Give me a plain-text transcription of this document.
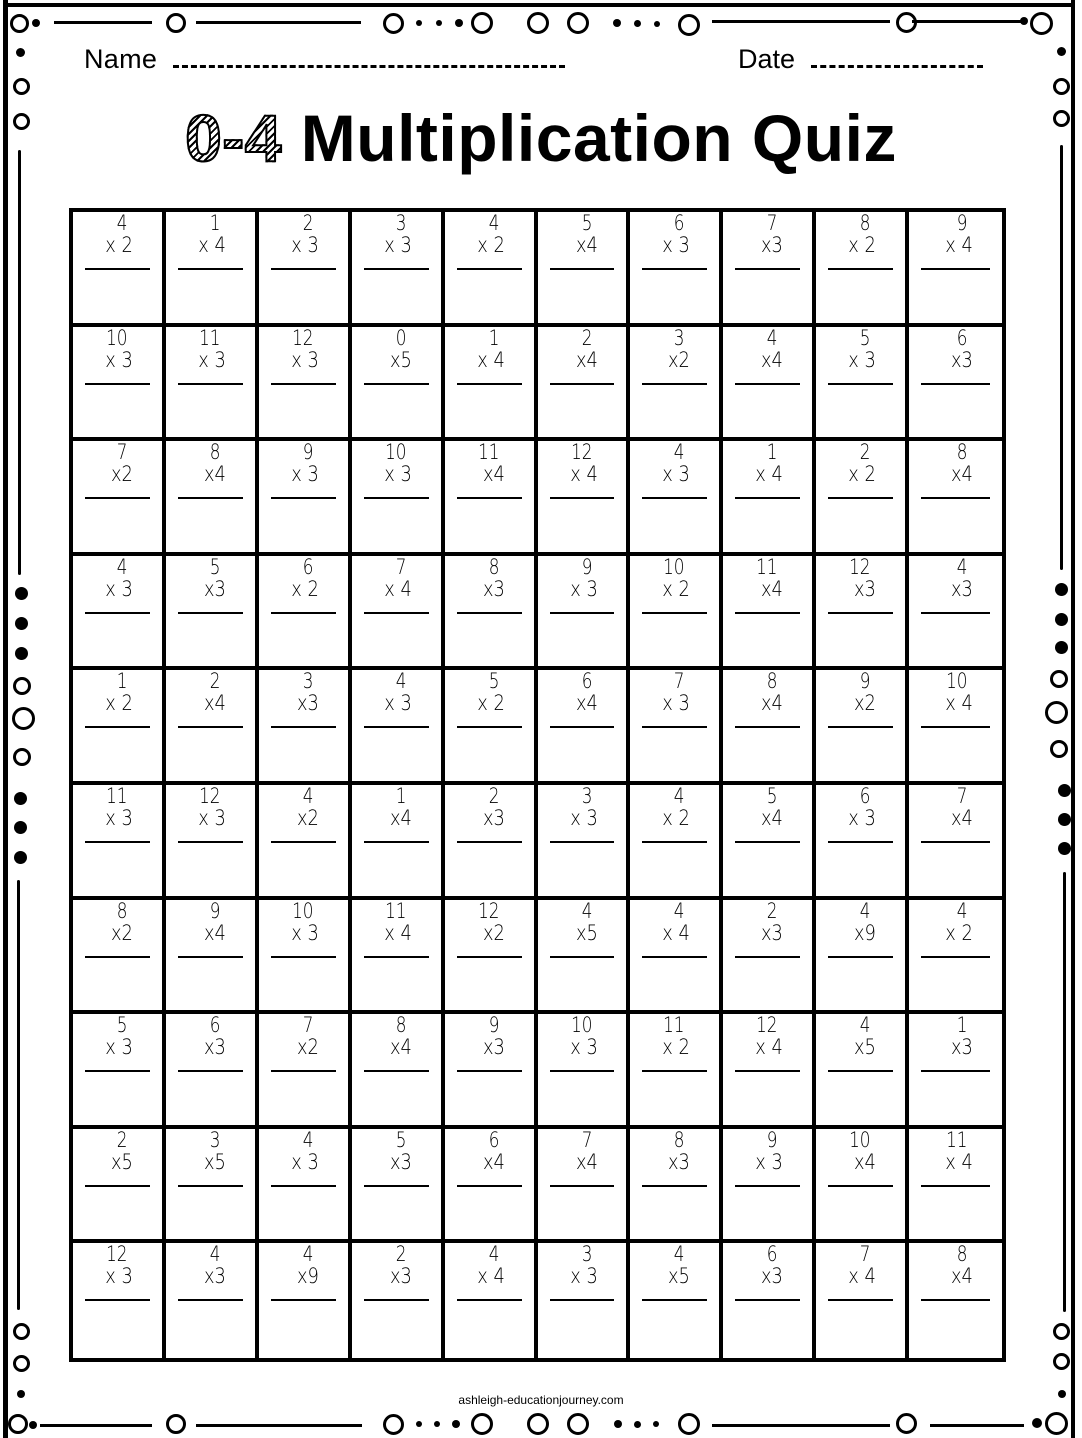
Name	Date
0-4 Multiplication Quiz
4
x 2
1
x 4
2
x 3
3
x 3
4
x 2
5
x4
6
x 3
7
x3
8
x 2
9
x 4
10
x 3
11
x 3
12
x 3
0
x5
1
x 4
2
x4
3
x2
4
x4
5
x 3
6
x3
7
x2
8
x4
9
x 3
10
x 3
11
x4
12
x 4
4
x 3
1
x 4
2
x 2
8
x4
4
x 3
5
x3
6
x 2
7
x 4
8
x3
9
x 3
10
x 2
11
x4
12
x3
4
x3
1
x 2
2
x4
3
x3
4
x 3
5
x 2
6
x4
7
x 3
8
x4
9
x2
10
x 4
11
x 3
12
x 3
4
x2
1
x4
2
x3
3
x 3
4
x 2
5
x4
6
x 3
7
x4
8
x2
9
x4
10
x 3
11
x 4
12
x2
4
x5
4
x 4
2
x3
4
x9
4
x 2
5
x 3
6
x3
7
x2
8
x4
9
x3
10
x 3
11
x 2
12
x 4
4
x5
1
x3
2
x5
3
x5
4
x 3
5
x3
6
x4
7
x4
8
x3
9
x 3
10
x4
11
x 4
12
x 3
4
x3
4
x9
2
x3
4
x 4
3
x 3
4
x5
6
x3
7
x 4
8
x4
ashleigh-educationjourney.com
